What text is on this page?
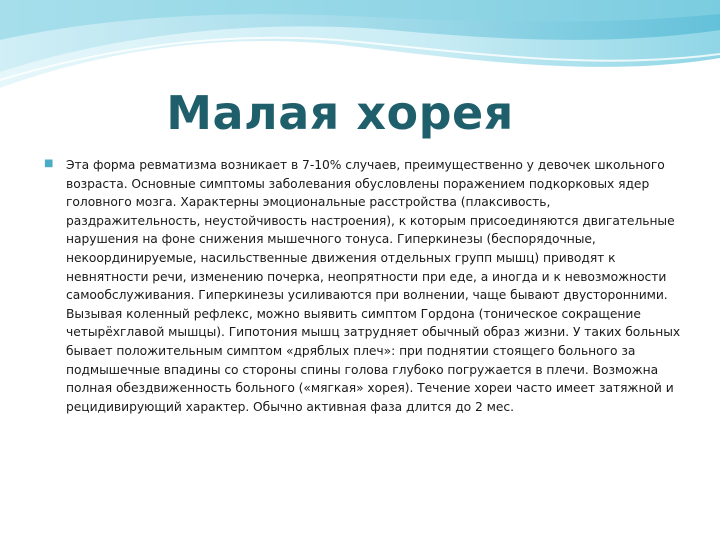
Малая хорея
■ Эта форма ревматизма возникает в 7-10% случаев, преимущественно у девочек школьного возраста. Основные симптомы заболевания обусловлены поражением подкорковых ядер головного мозга. Характерны эмоциональные расстройства (плаксивость, раздражительность, неустойчивость настроения), к которым присоединяются двигательные нарушения на фоне снижения мышечного тонуса. Гиперкинезы (беспорядочные, некоординируемые, насильственные движения отдельных групп мышц) приводят к невнятности речи, изменению почерка, неопрятности при еде, а иногда и к невозможности самообслуживания. Гиперкинезы усиливаются при волнении, чаще бывают двусторонними. Вызывая коленный рефлекс, можно выявить симптом Гордона (тоническое сокращение четырёхглавой мышцы). Гипотония мышц затрудняет обычный образ жизни. У таких больных бывает положительным симптом «дряблых плеч»: при поднятии стоящего больного за подмышечные впадины со стороны спины голова глубоко погружается в плечи. Возможна полная обездвиженность больного («мягкая» хорея). Течение хореи часто имеет затяжной и рецидивирующий характер. Обычно активная фаза длится до 2 мес.
